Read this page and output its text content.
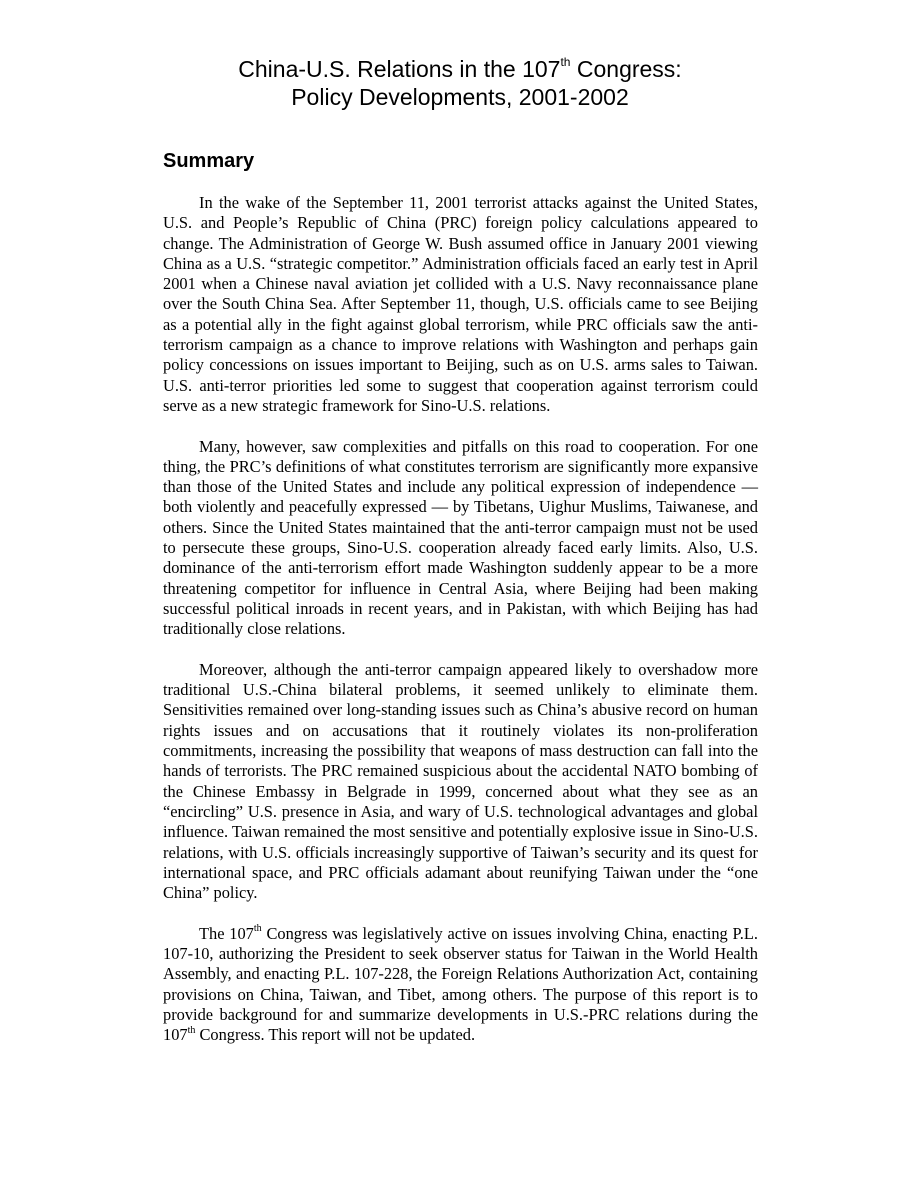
China-U.S. Relations in the 107th Congress:
Policy Developments, 2001-2002
Summary

In the wake of the September 11, 2001 terrorist attacks against the United States, U.S. and People’s Republic of China (PRC) foreign policy calculations appeared to change. The Administration of George W. Bush assumed office in January 2001 viewing China as a U.S. “strategic competitor.” Administration officials faced an early test in April 2001 when a Chinese naval aviation jet collided with a U.S. Navy reconnaissance plane over the South China Sea. After September 11, though, U.S. officials came to see Beijing as a potential ally in the fight against global terrorism, while PRC officials saw the anti-terrorism campaign as a chance to improve relations with Washington and perhaps gain policy concessions on issues important to Beijing, such as on U.S. arms sales to Taiwan. U.S. anti-terror priorities led some to suggest that cooperation against terrorism could serve as a new strategic framework for Sino-U.S. relations.

Many, however, saw complexities and pitfalls on this road to cooperation. For one thing, the PRC’s definitions of what constitutes terrorism are significantly more expansive than those of the United States and include any political expression of independence — both violently and peacefully expressed — by Tibetans, Uighur Muslims, Taiwanese, and others. Since the United States maintained that the anti-terror campaign must not be used to persecute these groups, Sino-U.S. cooperation already faced early limits. Also, U.S. dominance of the anti-terrorism effort made Washington suddenly appear to be a more threatening competitor for influence in Central Asia, where Beijing had been making successful political inroads in recent years, and in Pakistan, with which Beijing has had traditionally close relations.

Moreover, although the anti-terror campaign appeared likely to overshadow more traditional U.S.-China bilateral problems, it seemed unlikely to eliminate them. Sensitivities remained over long-standing issues such as China’s abusive record on human rights issues and on accusations that it routinely violates its non-proliferation commitments, increasing the possibility that weapons of mass destruction can fall into the hands of terrorists. The PRC remained suspicious about the accidental NATO bombing of the Chinese Embassy in Belgrade in 1999, concerned about what they see as an “encircling” U.S. presence in Asia, and wary of U.S. technological advantages and global influence. Taiwan remained the most sensitive and potentially explosive issue in Sino-U.S. relations, with U.S. officials increasingly supportive of Taiwan’s security and its quest for international space, and PRC officials adamant about reunifying Taiwan under the “one China” policy.

The 107th Congress was legislatively active on issues involving China, enacting P.L. 107-10, authorizing the President to seek observer status for Taiwan in the World Health Assembly, and enacting P.L. 107-228, the Foreign Relations Authorization Act, containing provisions on China, Taiwan, and Tibet, among others. The purpose of this report is to provide background for and summarize developments in U.S.-PRC relations during the 107th Congress. This report will not be updated.
